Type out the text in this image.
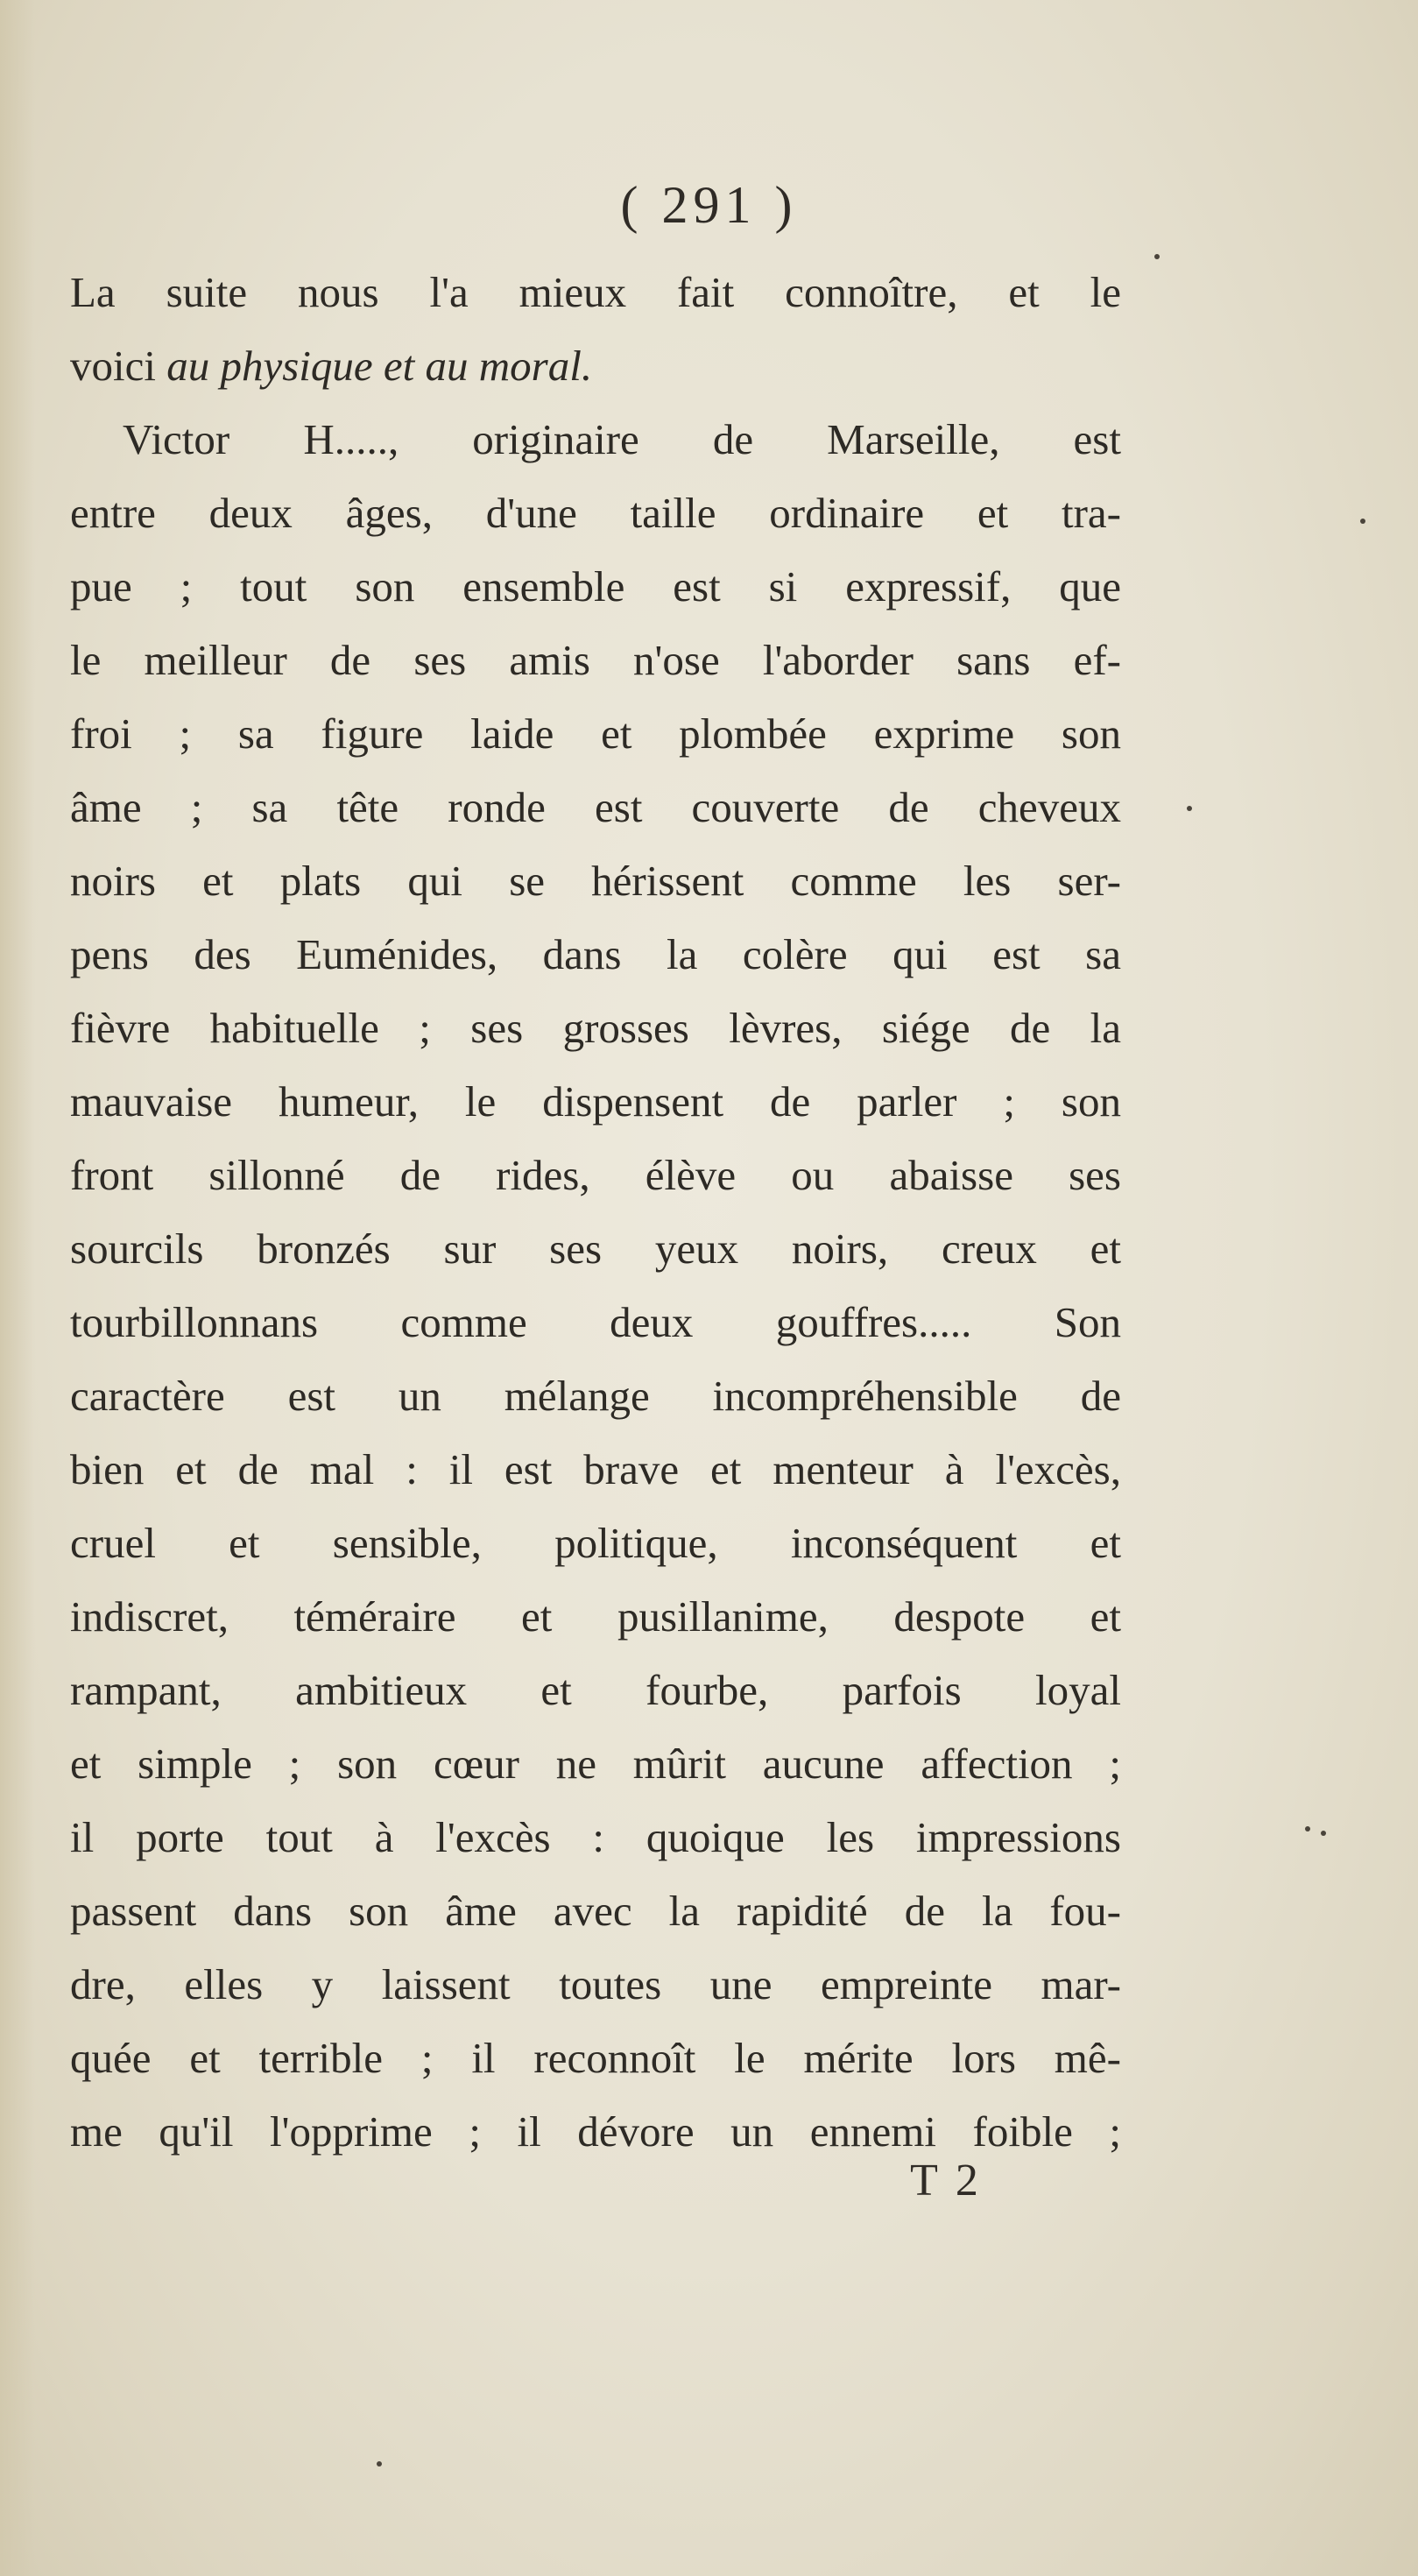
( 291 )
La suite nous l'a mieux fait connoître, et le
voici au physique et au moral.
Victor H....., originaire de Marseille, est
entre deux âges, d'une taille ordinaire et tra-
pue ; tout son ensemble est si expressif, que
le meilleur de ses amis n'ose l'aborder sans ef-
froi ; sa figure laide et plombée exprime son
âme ; sa tête ronde est couverte de cheveux
noirs et plats qui se hérissent comme les ser-
pens des Euménides, dans la colère qui est sa
fièvre habituelle ; ses grosses lèvres, siége de la
mauvaise humeur, le dispensent de parler ; son
front sillonné de rides, élève ou abaisse ses
sourcils bronzés sur ses yeux noirs, creux et
tourbillonnans comme deux gouffres..... Son
caractère est un mélange incompréhensible de
bien et de mal : il est brave et menteur à l'excès,
cruel et sensible, politique, inconséquent et
indiscret, téméraire et pusillanime, despote et
rampant, ambitieux et fourbe, parfois loyal
et simple ; son cœur ne mûrit aucune affection ;
il porte tout à l'excès : quoique les impressions
passent dans son âme avec la rapidité de la fou-
dre, elles y laissent toutes une empreinte mar-
quée et terrible ; il reconnoît le mérite lors mê-
me qu'il l'opprime ; il dévore un ennemi foible ;
T 2
